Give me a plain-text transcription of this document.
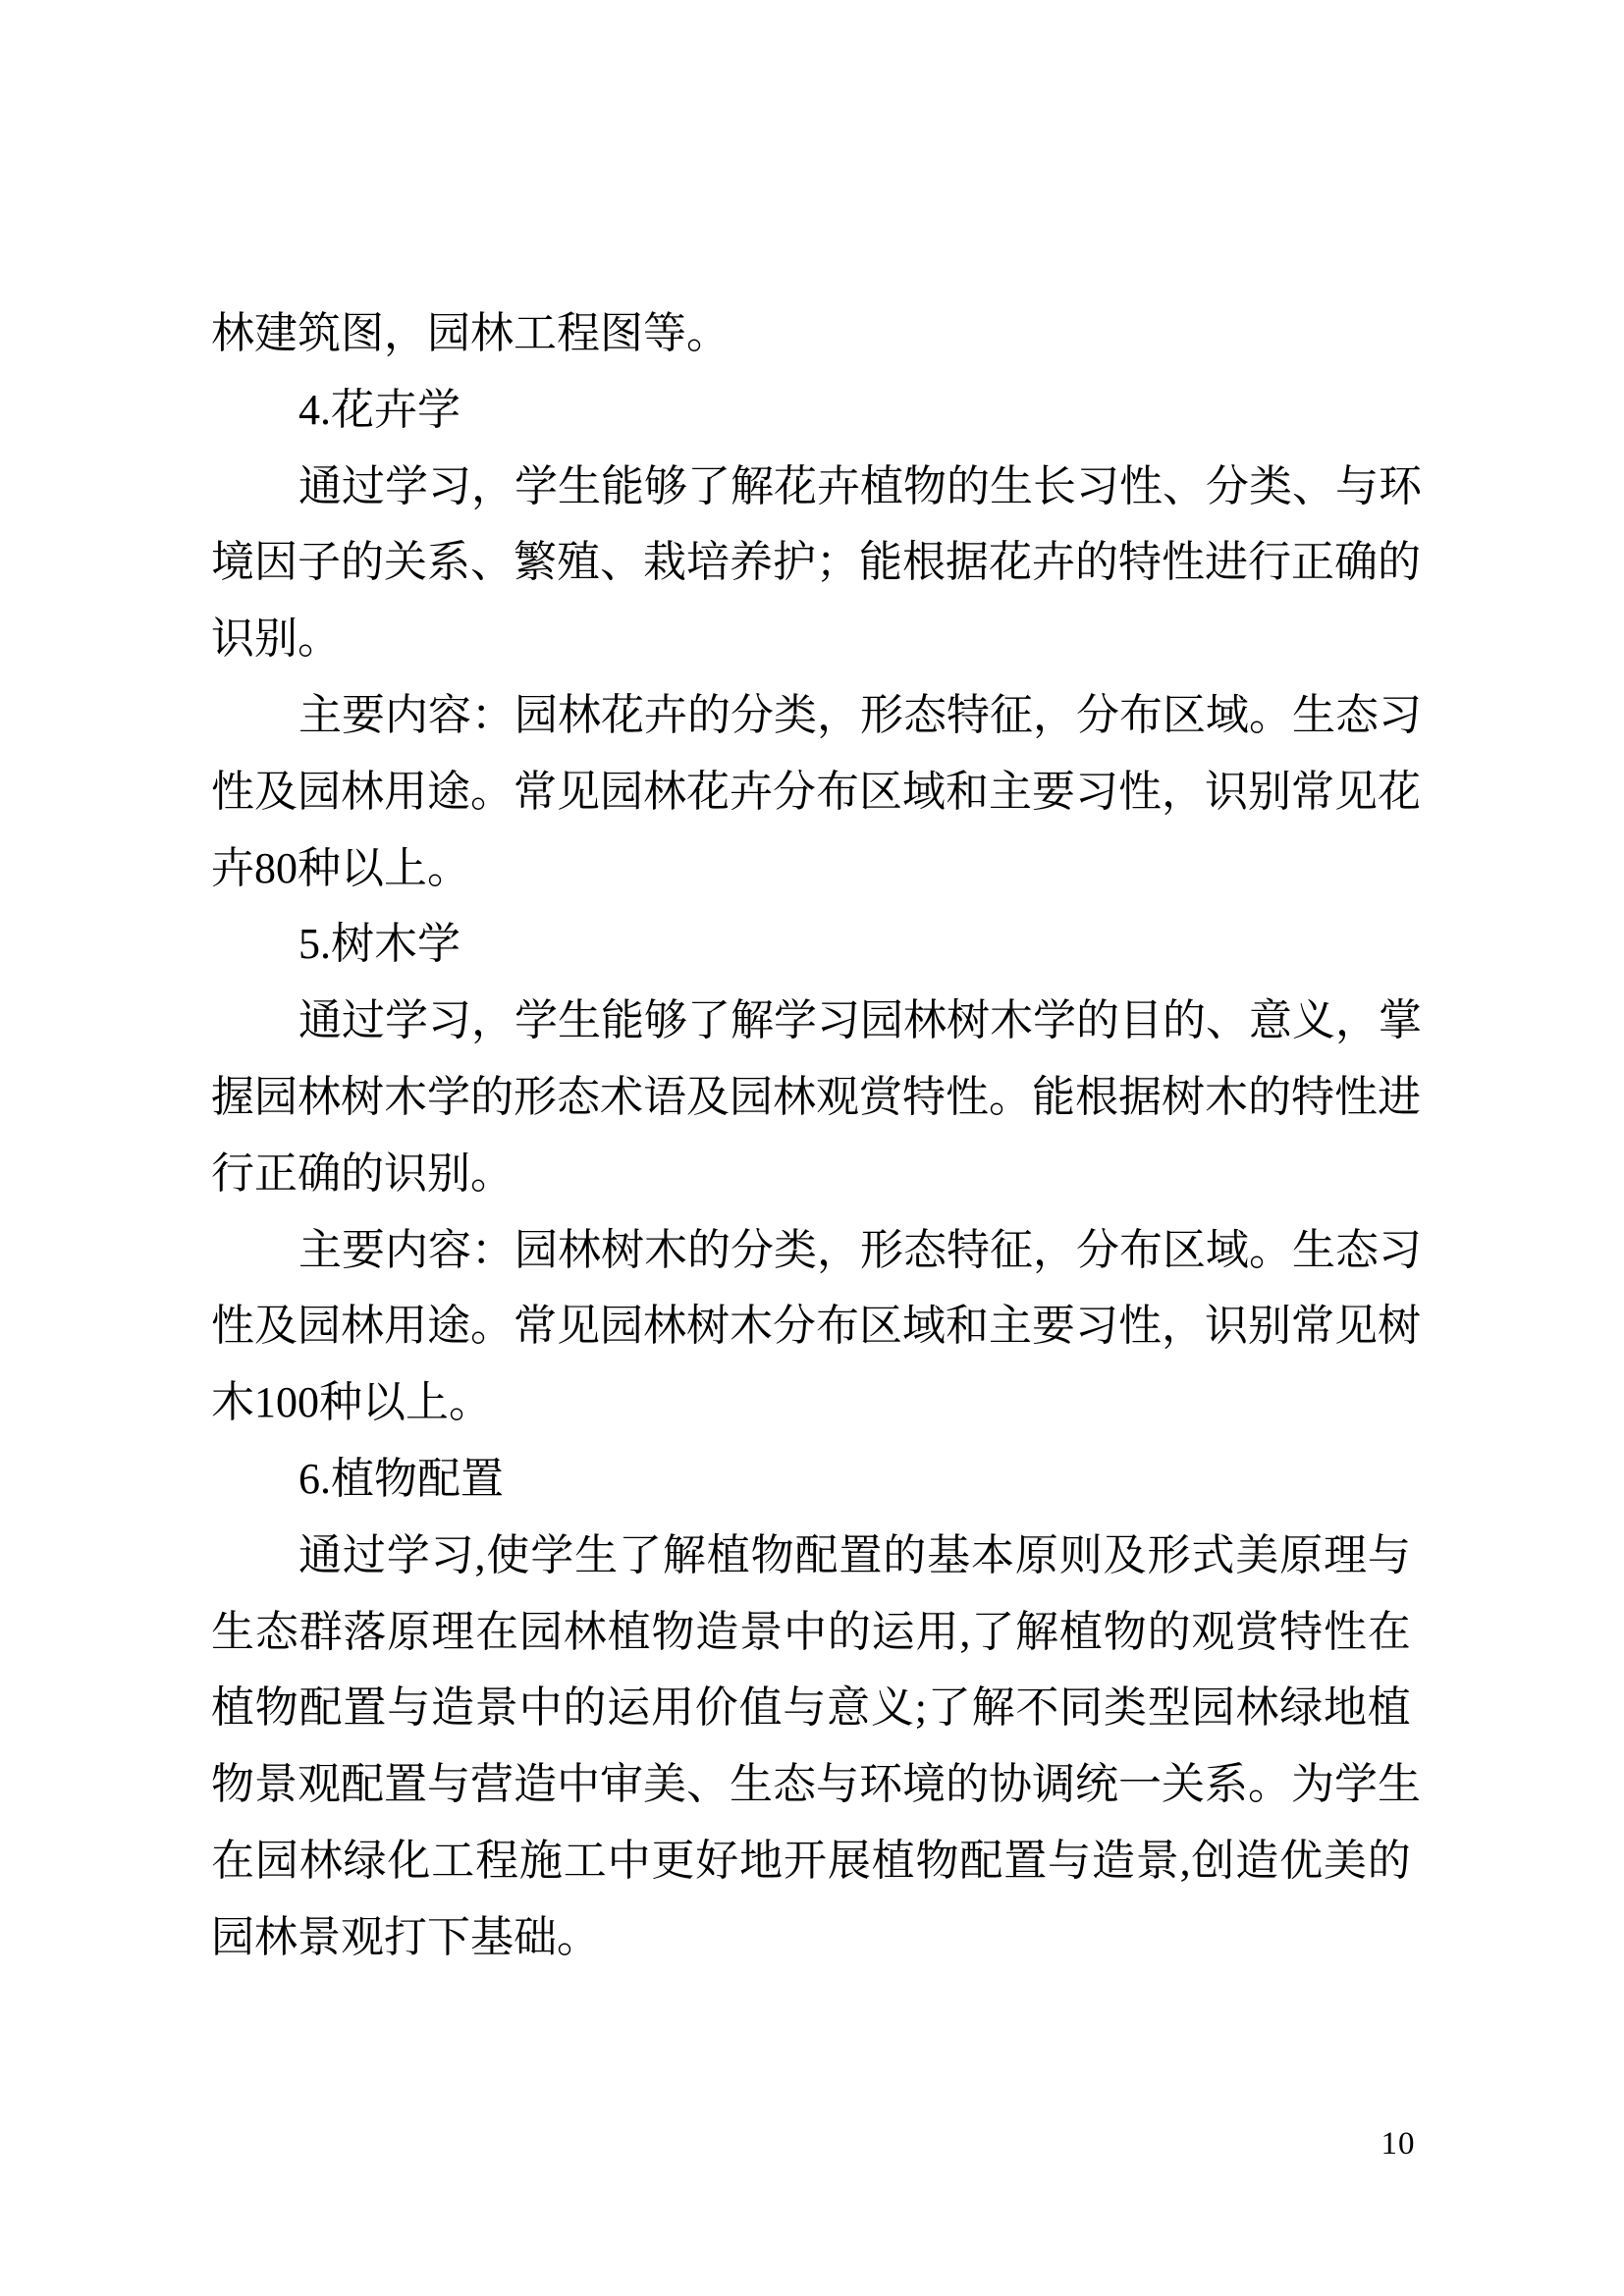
林建筑图，园林工程图等。
4.花卉学
通 过 学 习 ， 学 生 能 够 了 解 花 卉 植 物 的 生 长 习 性 、 分 类 、 与 环
境 因 子 的 关 系 、 繁 殖 、 栽 培 养 护 ； 能 根 据 花 卉 的 特 性 进 行 正 确 的
识别。
主 要 内 容 ： 园 林 花 卉 的 分 类 ， 形 态 特 征 ， 分 布 区 域 。 生 态 习
性 及 园 林 用 途 。 常 见 园 林 花 卉 分 布 区 域 和 主 要 习 性 ， 识 别 常 见 花
卉80种以上。
5.树木学
通 过 学 习 ， 学 生 能 够 了 解 学 习 园 林 树 木 学 的 目 的 、 意 义 ， 掌
握 园 林 树 木 学 的 形 态 术 语 及 园 林 观 赏 特 性 。 能 根 据 树 木 的 特 性 进
行正确的识别。
主 要 内 容 ： 园 林 树 木 的 分 类 ， 形 态 特 征 ， 分 布 区 域 。 生 态 习
性 及 园 林 用 途 。 常 见 园 林 树 木 分 布 区 域 和 主 要 习 性 ， 识 别 常 见 树
木100种以上。
6.植物配置
通 过 学 习 , 使 学 生 了 解 植 物 配 置 的 基 本 原 则 及 形 式 美 原 理 与
生 态 群 落 原 理 在 园 林 植 物 造 景 中 的 运 用 , 了 解 植 物 的 观 赏 特 性 在
植 物 配 置 与 造 景 中 的 运 用 价 值 与 意 义 ; 了 解 不 同 类 型 园 林 绿 地 植
物 景 观 配 置 与 营 造 中 审 美 、 生 态 与 环 境 的 协 调 统 一 关 系 。 为 学 生
在 园 林 绿 化 工 程 施 工 中 更 好 地 开 展 植 物 配 置 与 造 景 , 创 造 优 美 的
园林景观打下基础。
10
